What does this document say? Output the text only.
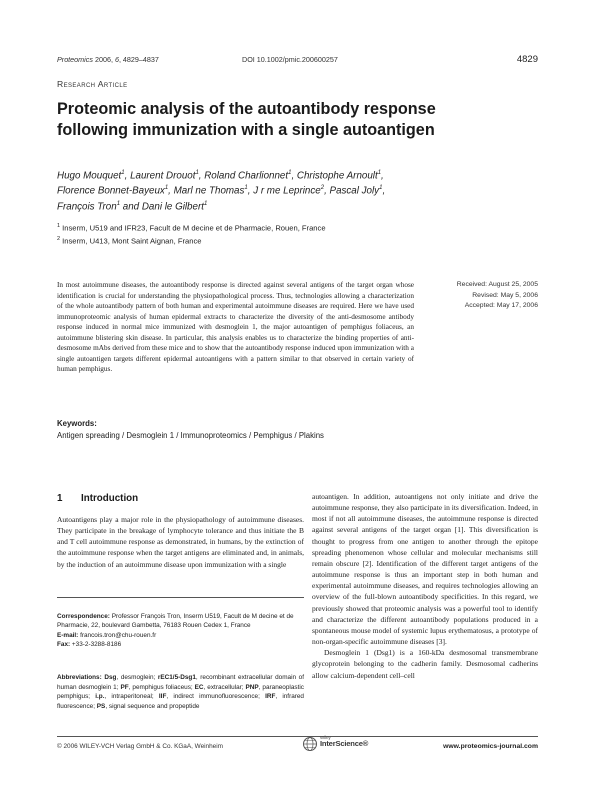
Proteomics 2006, 6, 4829–4837	DOI 10.1002/pmic.200600257	4829
Research Article
Proteomic analysis of the autoantibody response
following immunization with a single autoantigen
Hugo Mouquet$^1$, Laurent Drouot$^1$, Roland Charlionnet$^1$, Christophe Arnoult$^1$,
Florence Bonnet-Bayeux$^1$, Marl ne Thomas$^1$, J r me Leprince$^2$, Pascal Joly$^1$,
François Tron$^1$ and Dani le Gilbert$^1$
$^1$ Inserm, U519 and IFR23, Facult de M decine et de Pharmacie, Rouen, France
$^2$ Inserm, U413, Mont Saint Aignan, France
In most autoimmune diseases, the autoantibody response is directed against several antigens of the target organ whose identification is crucial for understanding the physiopathological process. Thus, technologies allowing a characterization of the whole autoantibody pattern of both human and experimental autoimmune diseases are required. Here we have used immunoproteomic analysis of human epidermal extracts to characterize the diversity of the anti-desmosome antibody response induced in normal mice immunized with desmoglein 1, the major autoantigen of pemphigus foliaceus, an autoimmune blistering skin disease. In particular, this analysis enables us to characterize the binding properties of anti-desmosome mAbs derived from these mice and to show that the autoantibody response induced upon immunization with a single autoantigen targets different epidermal autoantigens with a pattern similar to that observed in certain variety of human pemphigus.
Received: August 25, 2005
Revised: May 5, 2006
Accepted: May 17, 2006
Keywords:
Antigen spreading / Desmoglein 1 / Immunoproteomics / Pemphigus / Plakins
1 Introduction
Autoantigens play a major role in the physiopathology of autoimmune diseases. They participate in the breakage of lymphocyte tolerance and thus initiate the B and T cell autoimmune response as demonstrated, in humans, by the extinction of the autoimmune response when the target antigens are eliminated and, in animals, by the induction of an autoimmune disease upon immunization with a single

autoantigen. In addition, autoantigens not only initiate and drive the autoimmune response, they also participate in its diversification. Indeed, in most if not all autoimmune diseases, the autoimmune response is directed against several antigens of the target organ [1]. This diversification is thought to progress from one antigen to another through the epitope spreading phenomenon whose cellular and molecular mechanisms still remain obscure [2]. Identification of the different target antigens of the autoimmune response is thus an important step in both human and experimental autoimmune diseases, and requires technologies allowing an overview of the full-blown autoantibody specificities. In this regard, we previously showed that proteomic analysis was a powerful tool to identify and characterize the different autoantibody populations produced in a spontaneous mouse model of systemic lupus erythematosus, a prototype of non-organ-specific autoimmune diseases [3].

Desmoglein 1 (Dsg1) is a 160-kDa desmosomal transmembrane glycoprotein belonging to the cadherin family. Desmosomal cadherins allow calcium-dependent cell–cell

Correspondence: Professor François Tron, Inserm U519, Facult de M decine et de Pharmacie, 22, boulevard Gambetta, 76183 Rouen Cedex 1, France
E-mail: francois.tron@chu-rouen.fr
Fax: +33-2-3288-8186
Abbreviations: Dsg, desmoglein; rEC1/5-Dsg1, recombinant extracellular domain of human desmoglein 1; PF, pemphigus foliaceus; EC, extracellular; PNP, paraneoplastic pemphigus; i.p., intraperitoneal; IIF, indirect immunofluorescence; IRF, infrared fluorescence; PS, signal sequence and propeptide
© 2006 WILEY-VCH Verlag GmbH & Co. KGaA, Weinheim
Wiley
InterScience®	www.proteomics-journal.com
